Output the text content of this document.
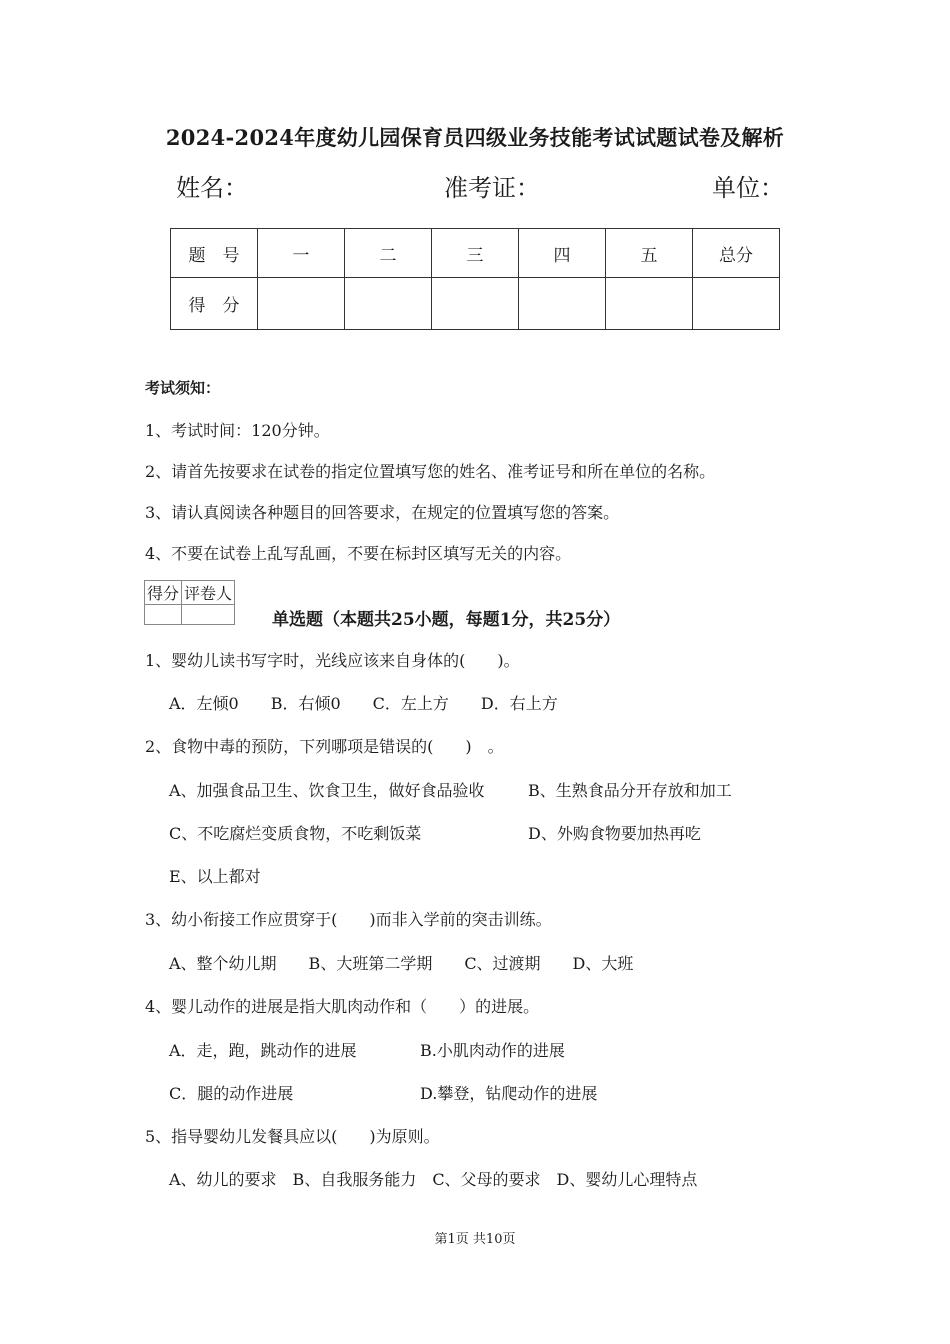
2024-2024年度幼儿园保育员四级业务技能考试试题试卷及解析
姓名：	准考证：	单位：
题　号	一	二	三	四	五	总分
得　分						
考试须知：
1、考试时间：120分钟。
2、请首先按要求在试卷的指定位置填写您的姓名、准考证号和所在单位的名称。
3、请认真阅读各种题目的回答要求，在规定的位置填写您的答案。
4、不要在试卷上乱写乱画，不要在标封区填写无关的内容。
得分	评卷人

单选题（本题共25小题，每题1分，共25分）
1、婴幼儿读书写字时，光线应该来自身体的(　　)。
A．左倾0　　B．右倾0　　C．左上方　　D．右上方
2、食物中毒的预防，下列哪项是错误的(　　)　。
A、加强食品卫生、饮食卫生，做好食品验收	B、生熟食品分开存放和加工
C、不吃腐烂变质食物，不吃剩饭菜	D、外购食物要加热再吃
E、以上都对
3、幼小衔接工作应贯穿于(　　)而非入学前的突击训练。
A、整个幼儿期　　B、大班第二学期　　C、过渡期　　D、大班
4、婴儿动作的进展是指大肌肉动作和（　　）的进展。
A．走，跑，跳动作的进展	B.小肌肉动作的进展
C．腿的动作进展	D.攀登，钻爬动作的进展
5、指导婴幼儿发餐具应以(　　)为原则。
A、幼儿的要求　B、自我服务能力　C、父母的要求　D、婴幼儿心理特点
第1页 共10页
